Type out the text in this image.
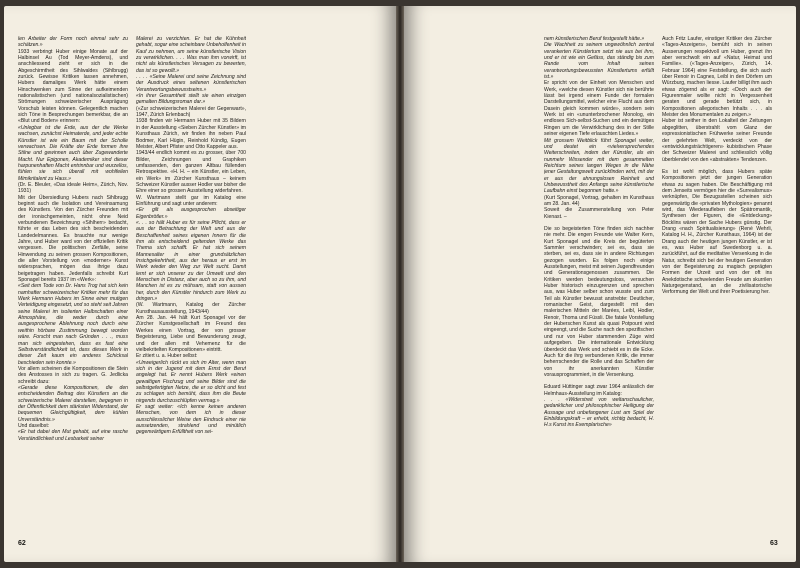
len Arbeiter der Form noch einmal sehr zu schätzen.»

1933 verbringt Huber einige Monate auf der Halbinsel Au (Tod Meyer-Amdens), und anschliessend zieht er sich in die Abgeschirmtheit des Sihlwaldes (Sihlbrugg) zurück. Gewisse Kritiken lassen annehmen, Hubers damaliges Werk hätte einem Hinschwenken zum Sinne der aufkeimenden nationalistischen (und nationalsozialistischen) Strömungen schweizerischer Ausprägung Vorschub leisten können. Gelegentlich machen sich Töne in Besprechungen bemerkbar, die an «Blut und Boden» erinnern:

«Unlegbar ist die Erde, aus der die Werke wachsen, zunächst Heimaterde, und jeder echte Künstler ist wie ein Baum mit der Scholle verwachsen. Die Kräfte der Erde formen ihre Stilne und gewinnen auch über Zugewanderte Macht. Nur Epigonen, Akademiker sind dieser harpunenhaften Macht entrinnbar und wurzellos, fühlen sie sich überall mit wohlfeilen Mimikritalent zu Haus.»

(Dr. E. Bleuler, «Das ideale Heim», Zürich, Nov. 1931)

Mit der Übersiedlung Hubers nach Sihlbrugg beginnt auch die Isolation und Vereinsamung des Künstlers. Von den Zürcher Freunden mit der ironischgemeinten, nicht ohne Neid verbundenen Bezeichnung «Sihlherr» bedacht, führte er das Leben des sich bescheidenden Landedelmannes. Es brauchte nur wenige Jahre, und Huber ward von der offiziellen Kritik vergessen. Die politischen Zerfälle, seine Hinwendung zu seinen grossen Kompositionen, die aller Vorstellung von «moderner» Kunst widersprachen, mögen das ihrige dazu beigetragen haben. Jedenfalls schreibt Kurt Sponagel bereits 1937 im «Werk»:

«Seit dem Tode von Dr. Hans Trog hat sich kein namhafter schweizerischer Kritiker mehr für das Werk Hermann Hubers im Sinne einer mutigen Verteidigung eingesetzt, und so steht seit Jahren seine Malerei im isolierten Halbschatten einer Atmosphäre, die weder durch eine ausgesprochene Ablehnung noch durch eine weithin hörbare Zustimmung bewegt worden wäre. Forscht man nach Gründen . . ., muss man sich eingestehen, dass es fast eine Selbstverständlichkeit ist, dass dieses Werk in dieser Zeit kaum ein anderes Schicksal beschieden sein konnte.»

Vor allem scheinen die Kompositionen die Stein des Anstosses in sich zu tragen. G. Jedlicka schreibt dazu:

«Gerade diese Kompositionen, die den entscheidenden Beitrag des Künstlers an die schweizerische Malerei darstellen, begegnen in der Öffentlichkeit dem stärksten Widerstand, der bequemen Gleichgültigkeit, dem kühlen Unverständnis.»

Und daselbst:

«Er hat dabei den Mut gehabt, auf eine rasche Verständlichkeit und Lesbarkeit seiner

Malerei zu verzichten. Er hat die Kühnheit gehabt, sogar eine scheinbare Unbeholfenheit in Kauf zu nehmen, um seine künstlerische Vision zu verwirklichen. . . . Was man ihm vorwirft, ist nicht als künstlerisches Versagen zu bewerten, das ist so gewollt.»

. . . . «Seine Malerei und seine Zeichnung sind der Ausdruck eines seltenen künstlerischen Verantwortungsbewusstseins.»

«In ihrer Gesamtheit stellt sie einen einzigen gemalten Bildungsroman dar.»

(«Zur schweizerischen Malerei der Gegenwart», 1947, Zürich Erlenbach)

1938 finden wir Hermann Huber mit 35 Bildern in der Ausstellung «Sieben Zürcher Künstler» im Kunsthaus Zürich, wir finden ihn neben Paul Bodmer, Karl Hügin, Reinhold Kündig, Eugen Meister, Albert Pfister und Otto Kappeler aus.

1943/44 endlich kommt es zu grosser, über 700 Bilder, Zeichnungen und Graphiken umfassenden, den ganzen Altbau füllenden Retrospektive. «H. H. – ein Künstler, ein Leben, ein Werk» im Zürcher Kunsthaus – keinem Schweizer Künstler ausser Hodler war bisher die Ehre einer so grossen Ausstellung widerfahren.

W. Wartmann stellt gar im Katalog eine Einführung und sagt unter anderem:

«Er gilt als ausgesprochen abseitiger Eigenbrötler.»

«. . . so hält Huber es für seine Pflicht, dass er aus der Betrachtung der Welt und aus der Beschaffenheit seines eigenen Innern für die ihm als entscheidend geltenden Werke das Thema sich schafft. Er hat sich seinem Mannesalter in einer grundsätzlichen Insichgekehrtheit, aus der heraus er erst im Werk wieder den Weg zur Welt sucht. Damit lernt er sich unserer zu der Umwelt und den Menschen in Distanz, aber auch so zu ihm, und Manchen ist es zu mühsam, statt von aussen her, durch den Künstler hindurch zum Werk zu dringen.»

(W. Wartmann, Katalog der Zürcher Kunsthausausstellung, 1943/44)

Am 28. Jan. 44 hält Kurt Sponagel vor der Zürcher Kunstgesellschaft im Freund des Werkes einen Vortrag, der von grosser Begeisterung, Liebe und Bewunderung zeugt, und der allen mit Vehemenz für die vielbekritelten Kompositionen» eintritt.

Er zitiert u. a. Huber selbst:

«Unweigerlich rückt es sich im Alter, wenn man sich in der Jugend mit dem Ernst der Beruf angelegt hat. Er nennt Hubers Werk «einen gewaltigen Fischzug und seine Bilder sind die selbstgefertigten Netze, die er so dicht und fest zu schlagen sich bemüht, dass ihm die Beute nirgends durchzuschlüpfen vermag.»

Er sagt weiter: «Ich kenne keinen anderen Menschen, von dem ich in dieser ausschliesslicher Weise den Eindruck einer nie aussetzenden, strahlend und minütlich gegenwärtigem Erfülltheit von sei-

62

nem künstlerischen Beruf festgestellt hätte.»

Die Wachheit zu seinem ungewöhnlich zentral verankerten Künstlertum setzt nie aus bei ihm, und er ist wie ein Gefäss, das ständig bis zum Rande vom Inhalt seines verantwortungsbewussten Künstlertums erfüllt ist.»

Er spricht von der Einheit von Menschen und Werk, «welche diesen Künstler sich nie berührte lässt bei irgend einem Funde der formalen Darstellungsmittel, welcher eine Flucht aus dem Dasein gleich kommen würde», sondern sein Werk ist ein «ununterbrochener Monolog, ein endloses Sich-selbst-Suchen und ein demütiges Ringen um die Verwirklichung des in der Stille seiner eigenen Tiefe erlauschten Liedes.»

Mit grossem Weitblick führt Sponagel weiter, und deutet ein «vielversprechendes Weiterschreiten, indem der Künstler, als ein nunmehr Wissender mit dem gesammelten Reichtum seines langen Weges in die Nähe jener Gestaltungswelt zurückfinden wird, mit der er aus der ahnungslosen Reinheit und Unbewusstheit des Anfangs seine künstlerische Laufbahn einst begonnen hatte.»

(Kurt Sponagel, Vortrag, gehalten im Kunsthaus am 28. Jan. 44)

Soweit die Zusammenstellung von Peter Kienast. –

Die so begeisterten Töne finden sich nachher nie mehr. Die engen Freunde wie Walter Kern, Kurt Sponagel und die Kreis der begüterten Sammler verschwinden; sei es, dass sie sterben, sei es, dass sie in andere Richtungen gezogen wurden. Es folgen noch einige Ausstellungen, meist mit seinen Jugendfreunden und Generationsgenossen zusammen. Die Kritiken werden bedeutungsloss, versuchen Huber historisch einzugrenzen und sprechen aus, was Huber selber schon wusste und zum Teil als Künstler bewusst anstrebte: Deutlicher, romanischer Geist, dargestellt mit den malerischen Mitteln der Marées, Leibl, Hodler, Renoir, Thoma und Füssli. Die fatale Vorstellung der Huberschen Kunst als quasi Potpourri wird eingeengt, und die Suche nach den spezifischen und nur von Huber stammenden Züge wird aufgegeben. Die internationale Entwicklung überdeckt das Werk und schiebt es in die Ecke. Auch für die ihrg verbundenen Kritik, die immer beherrschender die Rolle und das Schaffen der von ihr anerkannten Künstler vorausprogrammiert, in die Versenkung.

Eduard Hüttinger sagt zwar 1964 anlässlich der Helmhaus-Ausstellung im Katalog:

. . . «Widerstreit von weltanschaulicher, gedanklicher und philosophischer Heiligung der Aussage und unbefangener Lust am Spiel der Einbildungskraft – er erhebt, richtig bedacht, H. H.s Kunst ins Exemplarische»

Auch Fritz Laufer, einstiger Kritiker des Zürcher «Tages-Anzeigers», bemüht sich in seinen Ausserungen respektvoll um Huber, grenzt ihn aber verschwolt ein auf «Natur, Heimat und Familie». («Tages-Anzeiger», Zürich, 14. Februar 1964) eine Feststellung, die sich auch über Renoir in Cagnes, Leibl in den Dörfern um Würzburg, machen liesse. Laufer billigt ihm auch etwas zögernd als er sagt: «Doch auch der Figurenmaler wollte nicht in Vergessenheit geraten und gerade betützt sich, in Kompositionen allegorischen Inhalts . . . als Meister des Monumentalen zu zeigen.»

Huber ist seither in den Lokalteil der Zeitungen abgeglitten, überstrahlt vom Glanz der expressionistischen Frühwerke seiner Freunde der gelehrten Welt, verdeckt von der «entwicklungsträchtigeren» kubistischen Phase der Schweizer Malerei und schliesslich völlig überblendet von den «abstrakten» Tendenzen.

Es ist wohl möglich, dass Hubers späte Kompositionen jetzt der jungen Generation etwas zu sagen haben. Die Beschäftigung mit dem Jenseits vermögen hier die «Surrealismus» verknüpfen, Die Bezugsstellen scheinen sich gegenwärtig die «privaten Mythologien» genannt wird, das Wiederaufleben der Spätromantik, Synthesen der Figuren, die «Entdeckung» Böcklins wären der Sache Hubers günstig. Der Drang «nach Spiritualisierung» (René Wehrli, Katalog H. H., Zürcher Kunsthaus, 1964) ist der Drang auch der heutigen jungen Künstler, er ist es, was Huber auf Swedenborg u. a. zurückführt, auf die meditative Versenkung in die Natur, schreibt sich bei der heutigen Generation von der Begeisterung zu magisch geprägten Formen der Urzeit und von der oft ins Anekdotische schwelenden Freude am skurrilen Naturgegenstand, an die zivilisatorische Verformung der Welt und ihrer Poetisierung her.

63
